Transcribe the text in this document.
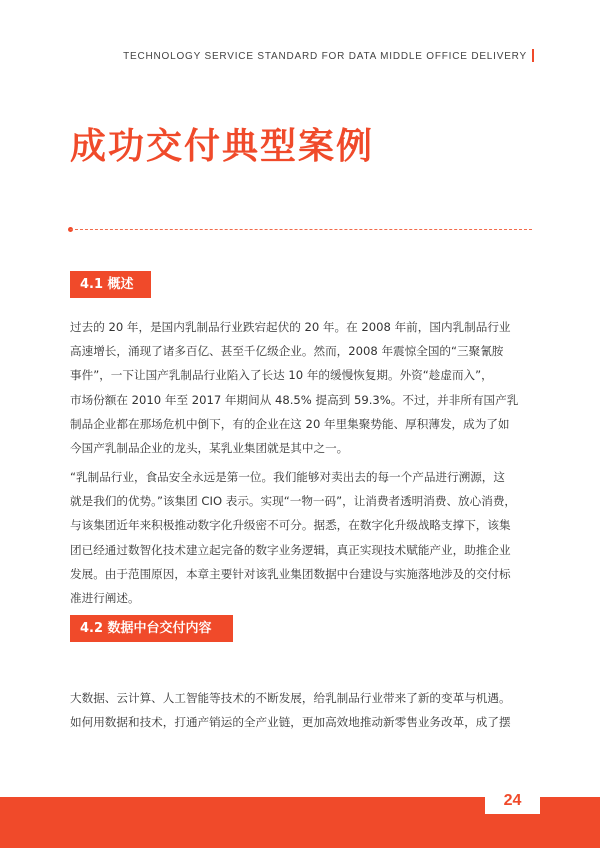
TECHNOLOGY SERVICE STANDARD FOR DATA MIDDLE OFFICE DELIVERY
成功交付典型案例
4.1 概述
过去的 20 年，是国内乳制品行业跌宕起伏的 20 年。在 2008 年前，国内乳制品行业
高速增长，涌现了诸多百亿、甚至千亿级企业。然而，2008 年震惊全国的“三聚氰胺
事件”，一下让国产乳制品行业陷入了长达 10 年的缓慢恢复期。外资“趁虚而入”，
市场份额在 2010 年至 2017 年期间从 48.5% 提高到 59.3%。不过，并非所有国产乳
制品企业都在那场危机中倒下，有的企业在这 20 年里集聚势能、厚积薄发，成为了如
今国产乳制品企业的龙头，某乳业集团就是其中之一。
“乳制品行业，食品安全永远是第一位。我们能够对卖出去的每一个产品进行溯源，这
就是我们的优势。”该集团 CIO 表示。实现“一物一码”，让消费者透明消费、放心消费，
与该集团近年来积极推动数字化升级密不可分。据悉，在数字化升级战略支撑下，该集
团已经通过数智化技术建立起完备的数字业务逻辑，真正实现技术赋能产业，助推企业
发展。由于范围原因，本章主要针对该乳业集团数据中台建设与实施落地涉及的交付标
准进行阐述。
4.2 数据中台交付内容
大数据、云计算、人工智能等技术的不断发展，给乳制品行业带来了新的变革与机遇。
如何用数据和技术，打通产销运的全产业链，更加高效地推动新零售业务改革，成了摆
24
